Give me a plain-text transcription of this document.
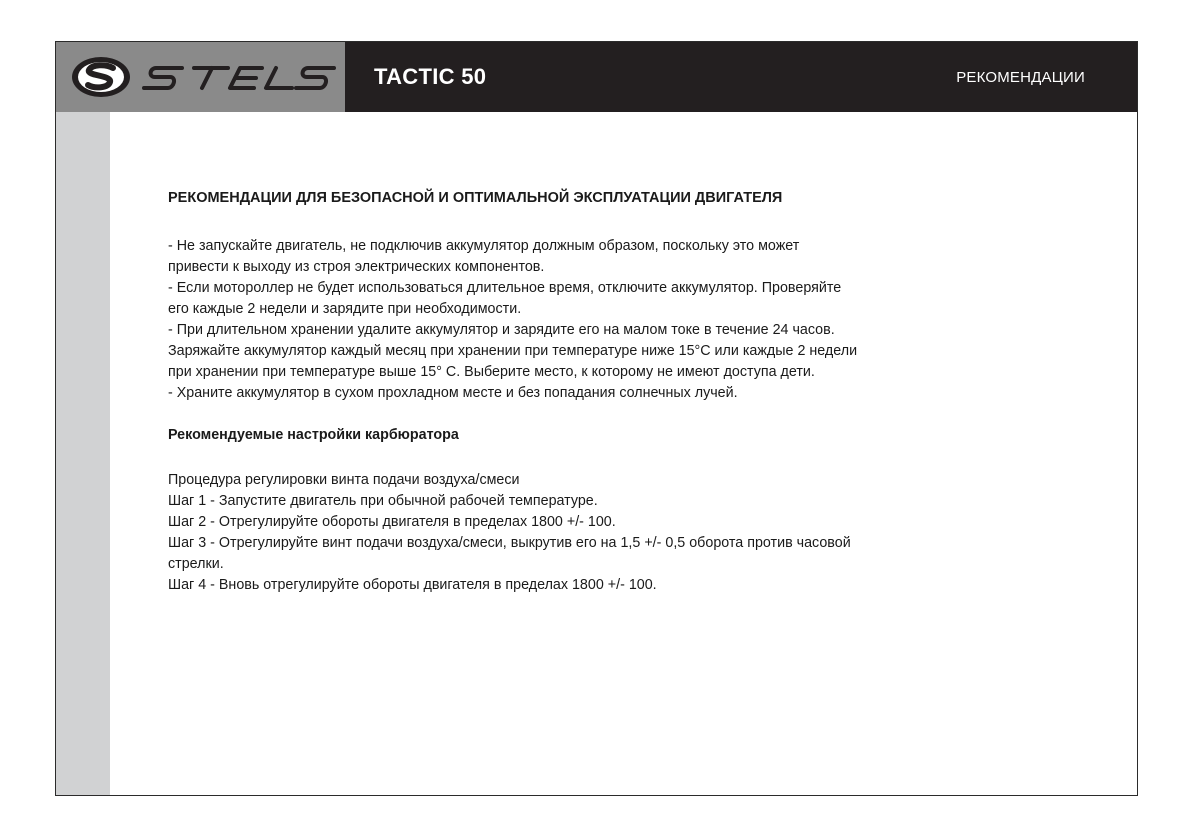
TACTIC 50	РЕКОМЕНДАЦИИ
РЕКОМЕНДАЦИИ ДЛЯ БЕЗОПАСНОЙ И ОПТИМАЛЬНОЙ ЭКСПЛУАТАЦИИ ДВИГАТЕЛЯ

- Не запускайте двигатель, не подключив аккумулятор должным образом, поскольку это может

привести к выходу из строя электрических компонентов.

- Если мотороллер не будет использоваться длительное время, отключите аккумулятор. Проверяйте

его каждые 2 недели и зарядите при необходимости.

- При длительном хранении удалите аккумулятор и зарядите его на малом токе в течение 24 часов.

Заряжайте аккумулятор каждый месяц при хранении при температуре ниже 15°С или каждые 2 недели

при хранении при температуре выше 15° С. Выберите место, к которому не имеют доступа дети.

- Храните аккумулятор в сухом прохладном месте и без попадания солнечных лучей.

Рекомендуемые настройки карбюратора

Процедура регулировки винта подачи воздуха/смеси

Шаг 1 - Запустите двигатель при обычной рабочей температуре.

Шаг 2 - Отрегулируйте обороты двигателя в пределах 1800 +/- 100.

Шаг 3 - Отрегулируйте винт подачи воздуха/смеси, выкрутив его на 1,5 +/- 0,5 оборота против часовой

стрелки.

Шаг 4 - Вновь отрегулируйте обороты двигателя в пределах 1800 +/- 100.
